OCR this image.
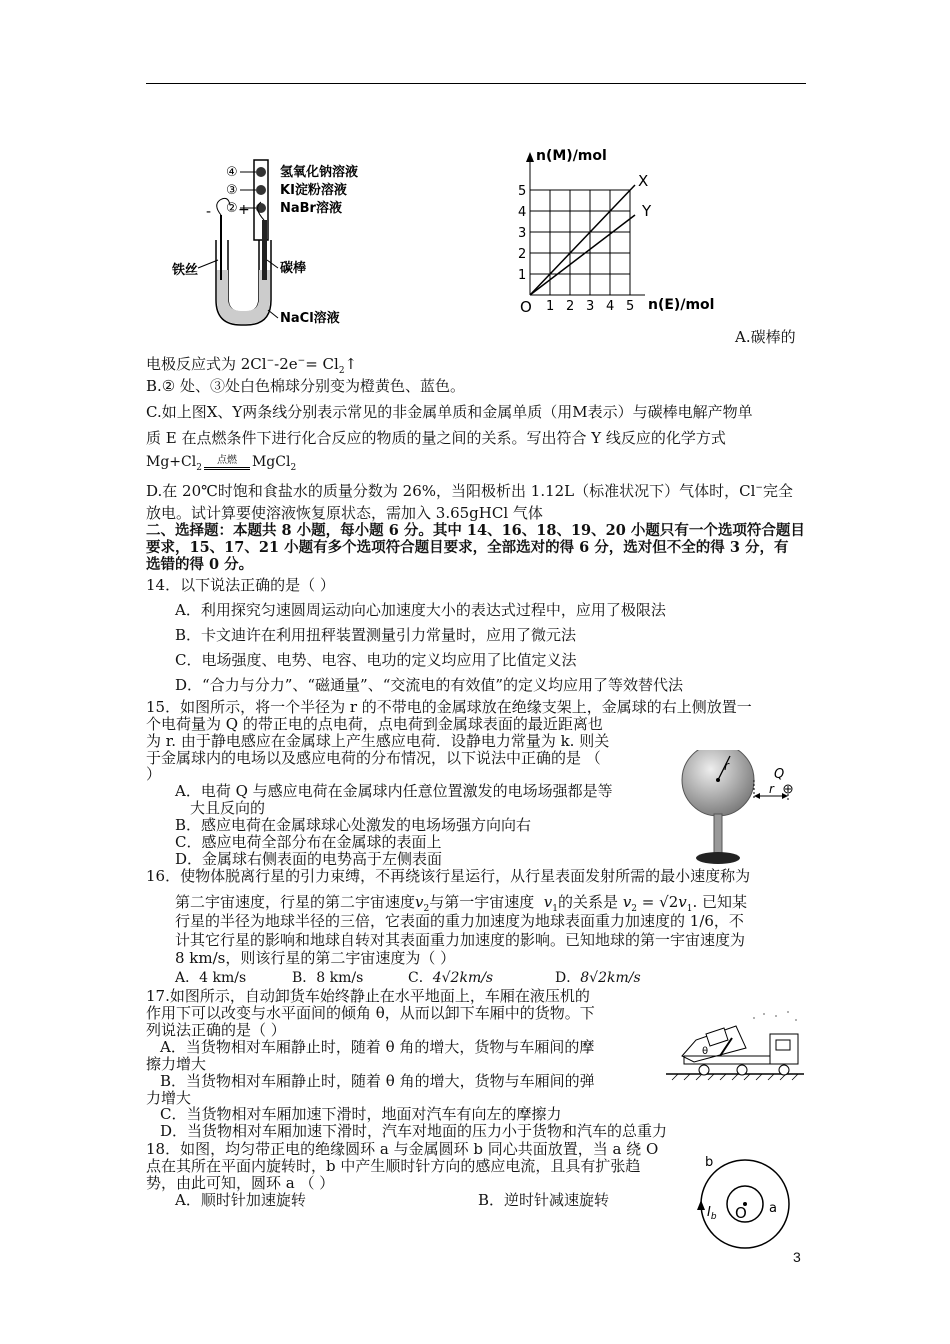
④
③
②
氢氧化钠溶液
KI淀粉溶液
NaBr溶液
- +
铁丝	碳棒
NaCl溶液
n(M)/mol
n(E)/mol
O
X
Y
1
2
3
4
5
1 2 3 4 5
A.碳棒的
电极反应式为 $2Cl^--2e^-= Cl_2↑$
B.② 处、③处白色棉球分别变为橙黄色、蓝色。
C.如上图X、Y两条线分别表示常见的非金属单质和金属单质（用M表示）与碳棒电解产物单
质 E 在点燃条件下进行化合反应的物质的量之间的关系。写出符合 Y 线反应的化学方式
$Mg+Cl_2$点燃 MgCl$_2$
D.在 20℃时饱和食盐水的质量分数为 26%，当阳极析出 1.12L（标准状况下）气体时，Cl−完全
放电。试计算要使溶液恢复原状态，需加入 3.65gHCl 气体
二、选择题：本题共 8 小题，每小题 6 分。其中 14、16、18、19、20 小题只有一个选项符合题目
要求，15、17、21 小题有多个选项符合题目要求，全部选对的得 6 分，选对但不全的得 3 分，有
选错的得 0 分。
14．以下说法正确的是（ ）
A．利用探究匀速圆周运动向心加速度大小的表达式过程中，应用了极限法
B．卡文迪许在利用扭秤装置测量引力常量时，应用了微元法
C．电场强度、电势、电容、电功的定义均应用了比值定义法
D．“合力与分力”、“磁通量”、“交流电的有效值”的定义均应用了等效替代法
15．如图所示，将一个半径为 r 的不带电的金属球放在绝缘支架上，金属球的右上侧放置一
个电荷量为 Q 的带正电的点电荷，点电荷到金属球表面的最近距离也
为 r. 由于静电感应在金属球上产生感应电荷．设静电力常量为 k. 则关
于金属球内的电场以及感应电荷的分布情况，以下说法中正确的是 （
）
A．电荷 Q 与感应电荷在金属球内任意位置激发的电场场强都是等
大且反向的
B．感应电荷在金属球球心处激发的电场场强方向向右
C．感应电荷全部分布在金属球的表面上
D．金属球右侧表面的电势高于左侧表面
r
Q
r
16．使物体脱离行星的引力束缚，不再绕该行星运行，从行星表面发射所需的最小速度称为
第二宇宙速度，行星的第二宇宙速度$v_2$与第一宇宙速度 $v_1$的关系是 $v_2 = √2v_1$. 已知某
行星的半径为地球半径的三倍，它表面的重力加速度为地球表面重力加速度的 1/6，不
计其它行星的影响和地球自转对其表面重力加速度的影响。已知地球的第一宇宙速度为
8 km/s，则该行星的第二宇宙速度为（ ）
A．4 km/s	B．8 km/s	C．4√2km/s	D．8√2km/s
17.如图所示，自动卸货车始终静止在水平地面上，车厢在液压机的
作用下可以改变与水平面间的倾角 θ，从而以卸下车厢中的货物。下
列说法正确的是（ ）
A．当货物相对车厢静止时，随着 θ 角的增大，货物与车厢间的摩
擦力增大
B．当货物相对车厢静止时，随着 θ 角的增大，货物与车厢间的弹
力增大
C．当货物相对车厢加速下滑时，地面对汽车有向左的摩擦力
D．当货物相对车厢加速下滑时，汽车对地面的压力小于货物和汽车的总重力
θ
18．如图，均匀带正电的绝缘圆环 a 与金属圆环 b 同心共面放置，当 a 绕 O
点在其所在平面内旋转时，b 中产生顺时针方向的感应电流，且具有扩张趋
势，由此可知，圆环 a （ ）
A．顺时针加速旋转	B．逆时针减速旋转
O a
b
$I_b$
3
